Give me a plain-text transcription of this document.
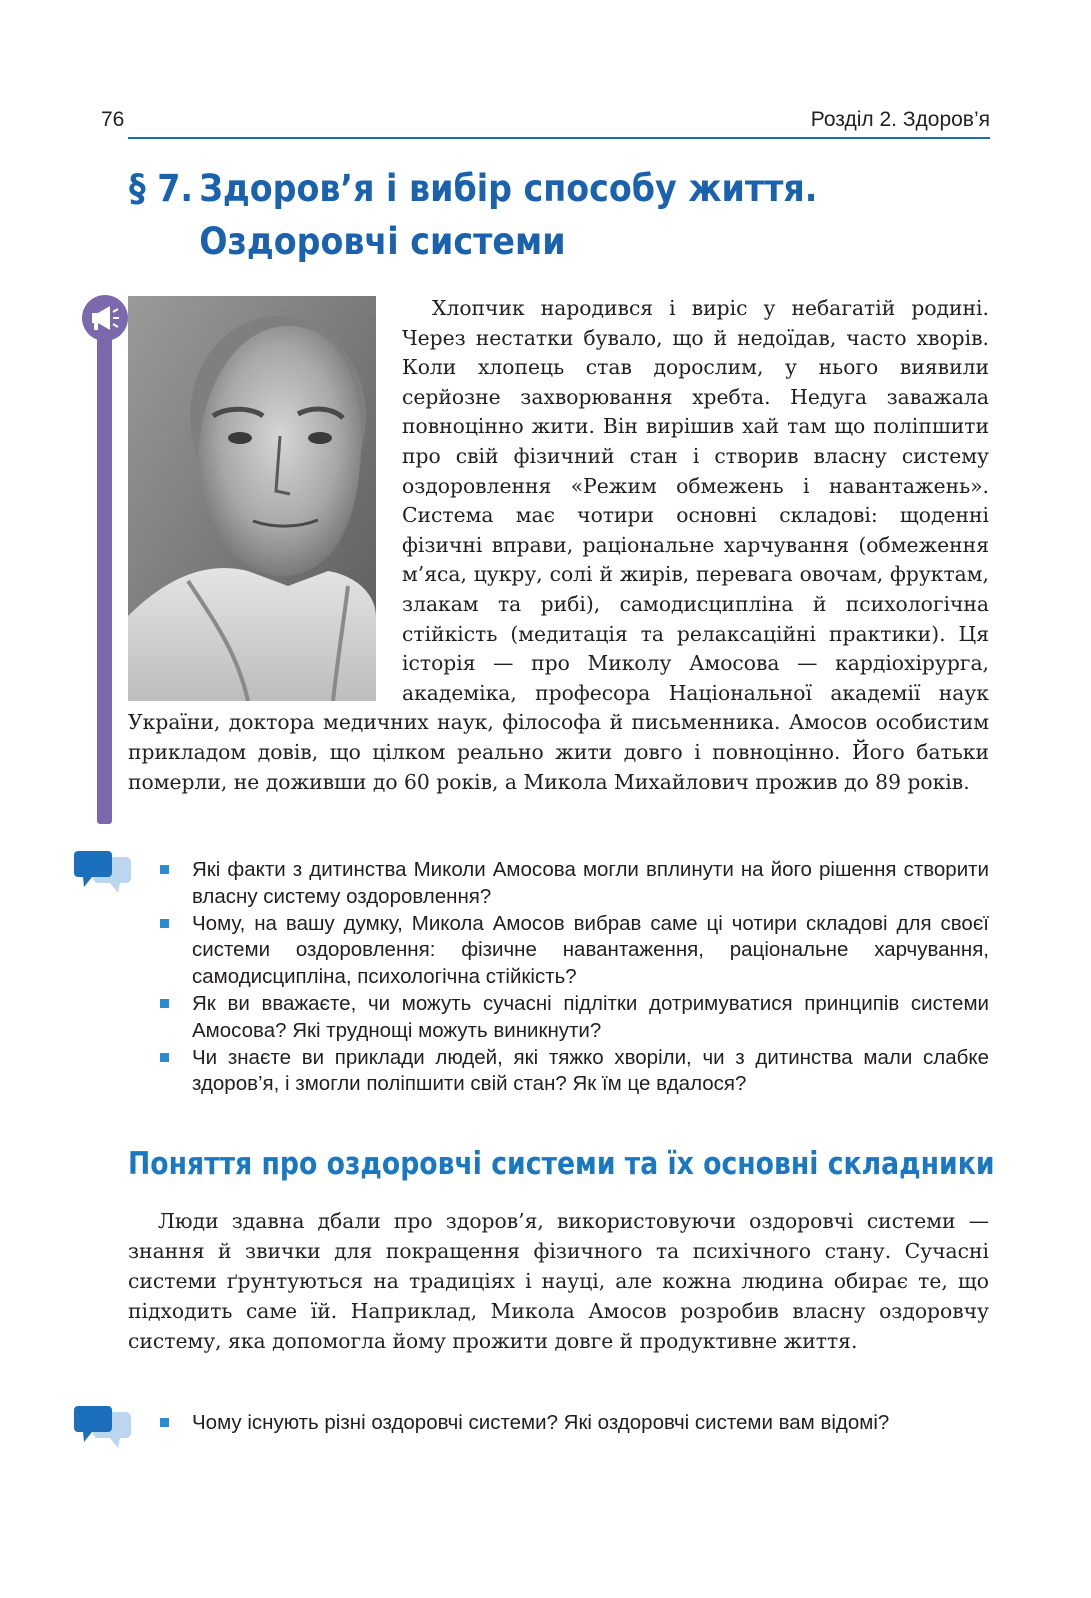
76	Розділ 2. Здоров’я
§ 7. Здоров’я і вибір способу життя.
Оздоровчі системи
Хлопчик народився і виріс у небагатій родині. Через нестатки бувало, що й недоїдав, часто хворів. Коли хлопець став дорослим, у нього виявили серйозне захворювання хребта. Недуга заважала повноцінно жити. Він вирішив хай там що поліпшити про свій фізичний стан і створив власну систему оздоровлення «Режим обмежень і навантажень». Система має чотири основні складові: щоденні фізичні вправи, раціональне харчування (обмеження м’яса, цукру, солі й жирів, перевага овочам, фруктам, злакам та рибі), самодисципліна й психологічна стійкість (медитація та релаксаційні практики). Ця історія — про Миколу Амосова — кардіохірурга, академіка, професора Національної академії наук України, доктора медичних наук, філософа й письменника. Амосов особистим прикладом довів, що цілком реально жити довго і повноцінно. Його батьки померли, не доживши до 60 років, а Микола Михайлович прожив до 89 років.
Які факти з дитинства Миколи Амосова могли вплинути на його рішення створити власну систему оздоровлення?
Чому, на вашу думку, Микола Амосов вибрав саме ці чотири складові для своєї системи оздоровлення: фізичне навантаження, раціональне харчування, самодисципліна, психологічна стійкість?
Як ви вважаєте, чи можуть сучасні підлітки дотримуватися принципів системи Амосова? Які труднощі можуть виникнути?
Чи знаєте ви приклади людей, які тяжко хворіли, чи з дитинства мали слабке здоров’я, і змогли поліпшити свій стан? Як їм це вдалося?
Поняття про оздоровчі системи та їх основні складники
Люди здавна дбали про здоров’я, використовуючи оздоровчі системи — знання й звички для покращення фізичного та психічного стану. Сучасні системи ґрунтуються на традиціях і науці, але кожна людина обирає те, що підходить саме їй. Наприклад, Микола Амосов розробив власну оздоровчу систему, яка допомогла йому прожити довге й продуктивне життя.
Чому існують різні оздоровчі системи? Які оздоровчі системи вам відомі?
